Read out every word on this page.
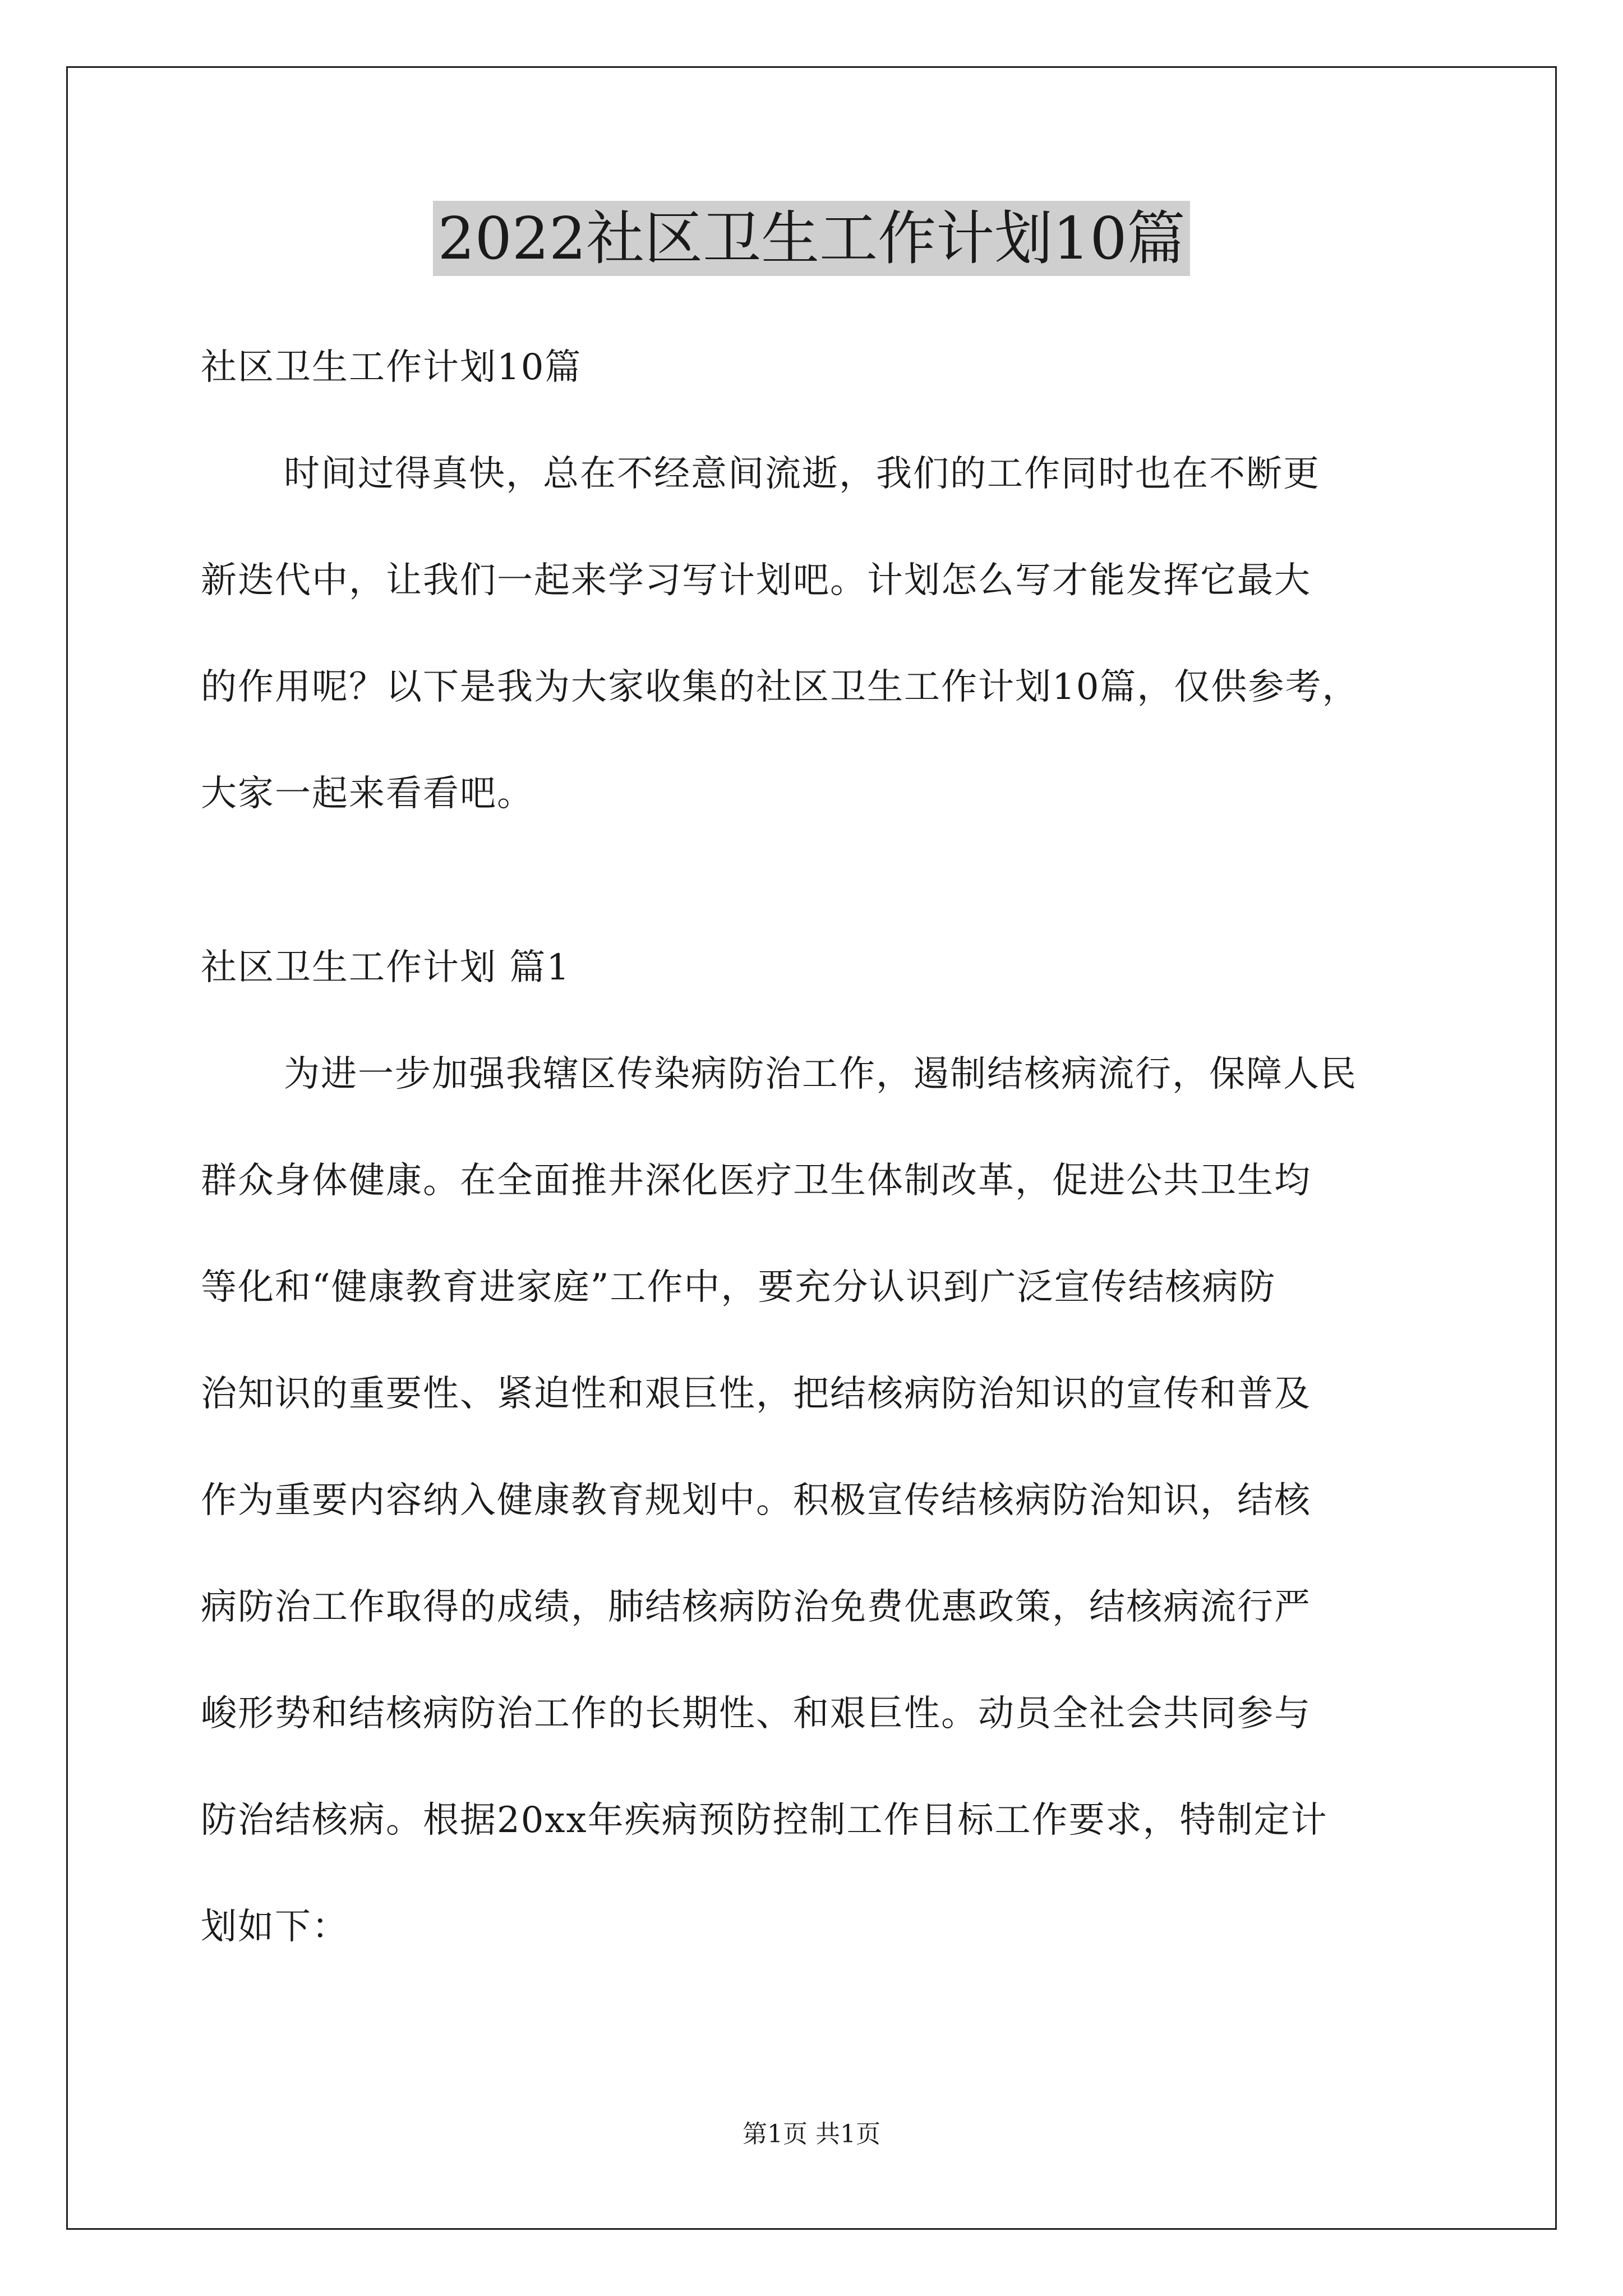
2022社区卫生工作计划10篇
社区卫生工作计划10篇
时间过得真快，总在不经意间流逝，我们的工作同时也在不断更
新迭代中，让我们一起来学习写计划吧。计划怎么写才能发挥它最大
的作用呢？以下是我为大家收集的社区卫生工作计划10篇，仅供参考，
大家一起来看看吧。
社区卫生工作计划 篇1
为进一步加强我辖区传染病防治工作，遏制结核病流行，保障人民
群众身体健康。在全面推井深化医疗卫生体制改革，促进公共卫生均
等化和“健康教育进家庭”工作中，要充分认识到广泛宣传结核病防
治知识的重要性、紧迫性和艰巨性，把结核病防治知识的宣传和普及
作为重要内容纳入健康教育规划中。积极宣传结核病防治知识，结核
病防治工作取得的成绩，肺结核病防治免费优惠政策，结核病流行严
峻形势和结核病防治工作的长期性、和艰巨性。动员全社会共同参与
防治结核病。根据20xx年疾病预防控制工作目标工作要求，特制定计
划如下：
第1页 共1页
